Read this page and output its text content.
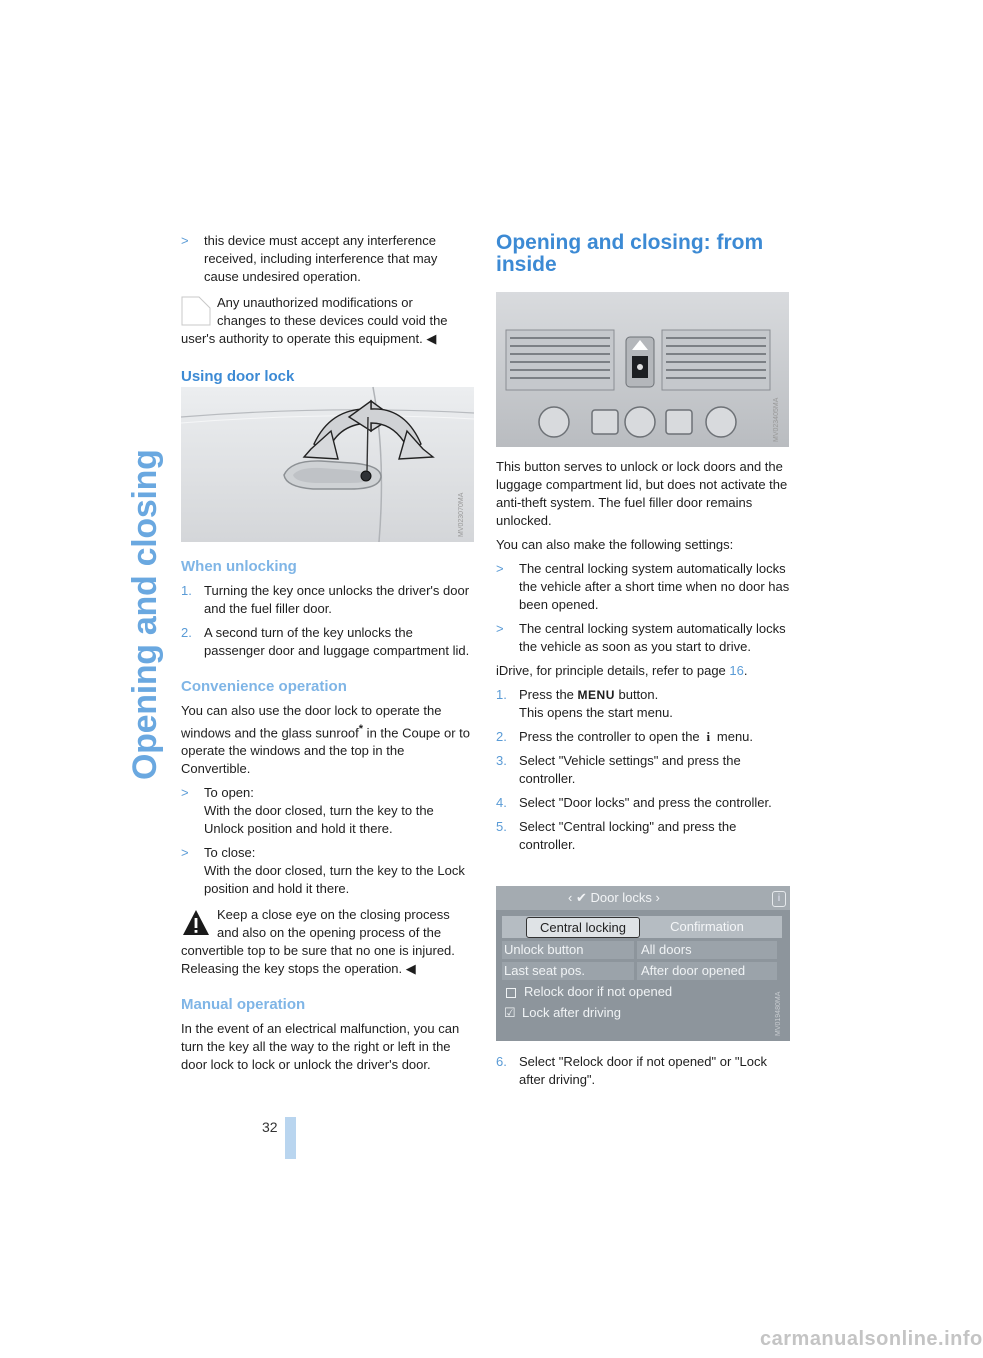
Opening and closing
32
> this device must accept any interference received, including interference that may cause undesired operation.
Any unauthorized modifications or
changes to these devices could void the user's authority to operate this equipment. ◀
Using door lock
MV023070MA
When unlocking
1. Turning the key once unlocks the driver's door and the fuel filler door.
2. A second turn of the key unlocks the passenger door and luggage compartment lid.
Convenience operation
You can also use the door lock to operate the windows and the glass sunroof* in the Coupe or to operate the windows and the top in the Convertible.
> To open:
With the door closed, turn the key to the Unlock position and hold it there.
> To close:
With the door closed, turn the key to the Lock position and hold it there.
Keep a close eye on the closing process
and also on the opening process of the convertible top to be sure that no one is injured. Releasing the key stops the operation. ◀
Manual operation
In the event of an electrical malfunction, you can turn the key all the way to the right or left in the door lock to lock or unlock the driver's door.
Opening and closing: from inside
MV023405MA
This button serves to unlock or lock doors and the luggage compartment lid, but does not activate the anti-theft system. The fuel filler door remains unlocked.
You can also make the following settings:
> The central locking system automatically locks the vehicle after a short time when no door has been opened.
> The central locking system automatically locks the vehicle as soon as you start to drive.
iDrive, for principle details, refer to page 16.
1. Press the MENU button.
This opens the start menu.
2. Press the controller to open the i menu.
3. Select "Vehicle settings" and press the controller.
4. Select "Door locks" and press the controller.
5. Select "Central locking" and press the controller.
‹ ✔ Door locks ›	i
Central locking	Confirmation
Unlock button	All doors
Last seat pos.	After door opened
Relock door if not opened
☑ Lock after driving	MV019480MA
6. Select "Relock door if not opened" or "Lock after driving".
carmanualsonline.info
